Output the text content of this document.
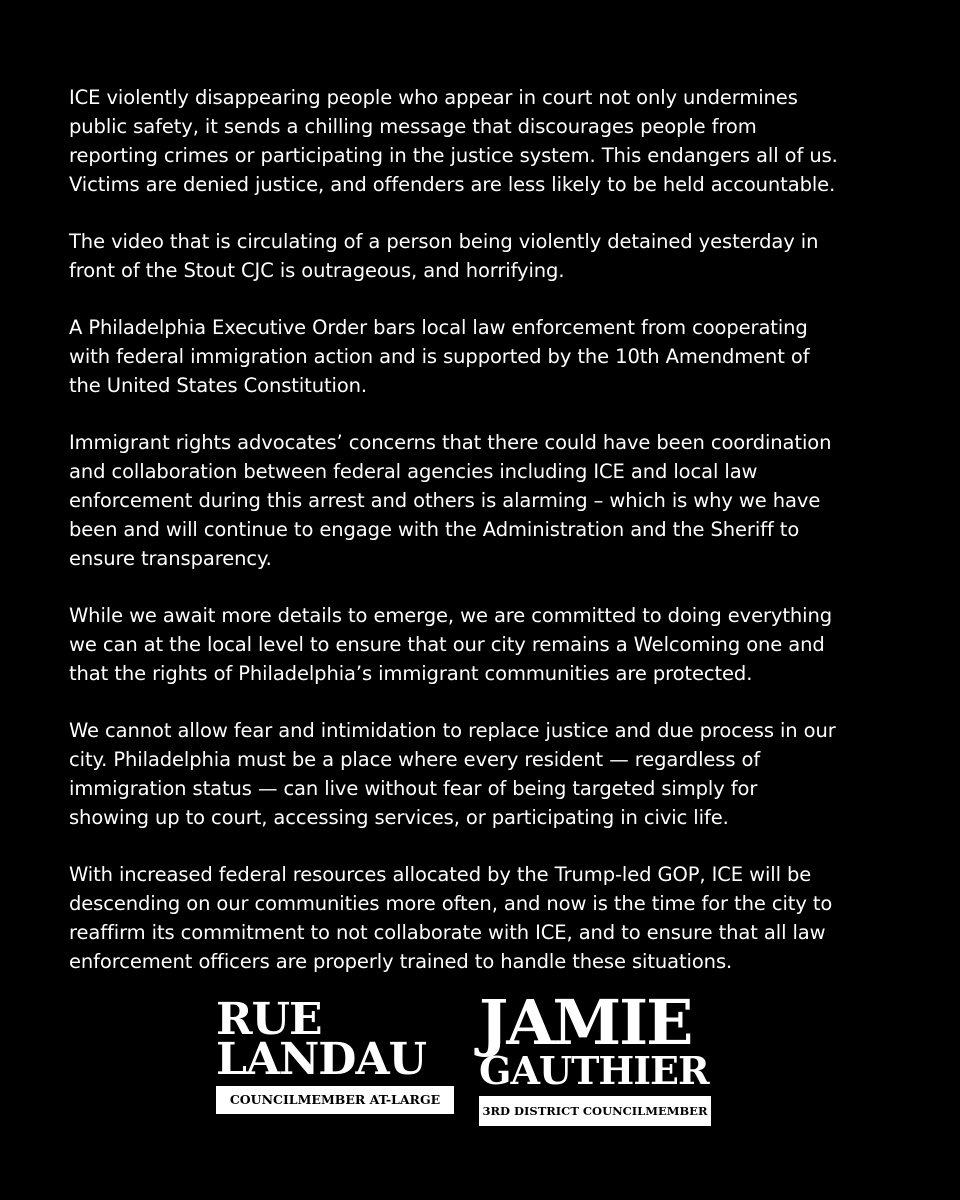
ICE violently disappearing people who appear in court not only undermines
public safety, it sends a chilling message that discourages people from
reporting crimes or participating in the justice system. This endangers all of us.
Victims are denied justice, and offenders are less likely to be held accountable.

The video that is circulating of a person being violently detained yesterday in
front of the Stout CJC is outrageous, and horrifying.

A Philadelphia Executive Order bars local law enforcement from cooperating
with federal immigration action and is supported by the 10th Amendment of
the United States Constitution.

Immigrant rights advocates’ concerns that there could have been coordination
and collaboration between federal agencies including ICE and local law
enforcement during this arrest and others is alarming – which is why we have
been and will continue to engage with the Administration and the Sheriff to
ensure transparency.

While we await more details to emerge, we are committed to doing everything
we can at the local level to ensure that our city remains a Welcoming one and
that the rights of Philadelphia’s immigrant communities are protected.

We cannot allow fear and intimidation to replace justice and due process in our
city. Philadelphia must be a place where every resident — regardless of
immigration status — can live without fear of being targeted simply for
showing up to court, accessing services, or participating in civic life.

With increased federal resources allocated by the Trump-led GOP, ICE will be
descending on our communities more often, and now is the time for the city to
reaffirm its commitment to not collaborate with ICE, and to ensure that all law
enforcement officers are properly trained to handle these situations.

RUE
LANDAU
COUNCILMEMBER AT-LARGE
JAMIE
GAUTHIER
3RD DISTRICT COUNCILMEMBER
